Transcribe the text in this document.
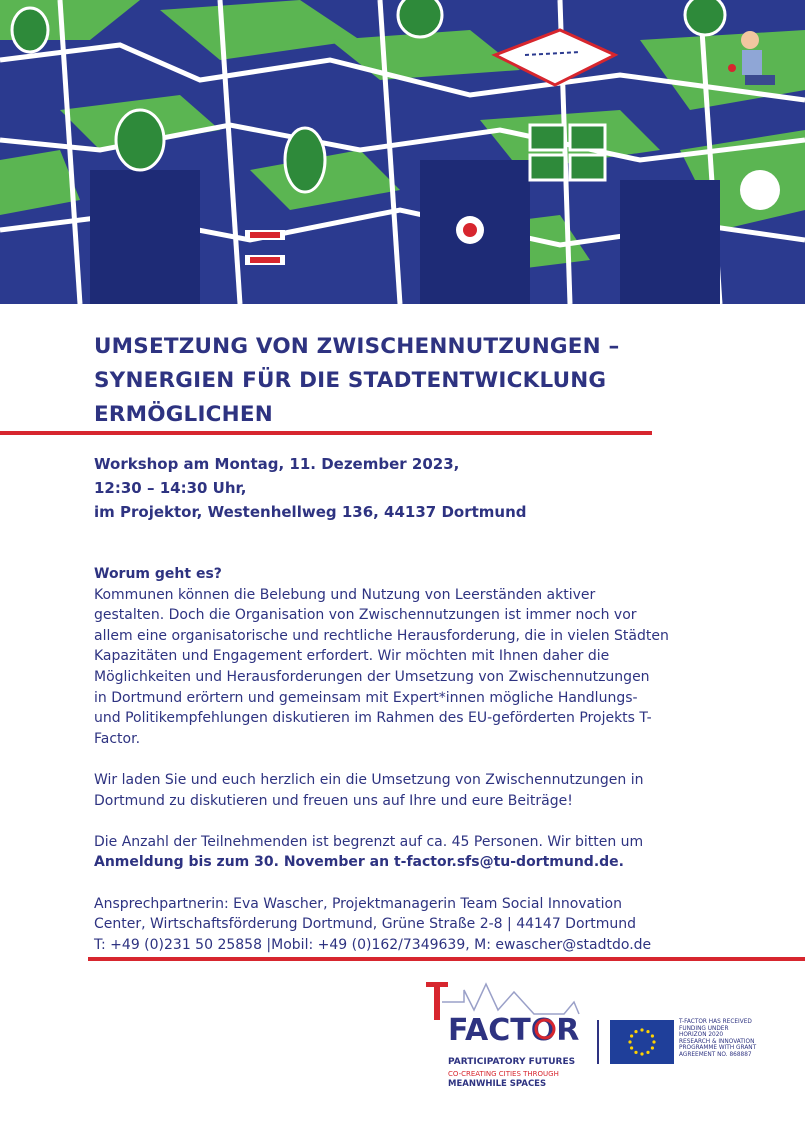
UMSETZUNG VON ZWISCHENNUTZUNGEN –
SYNERGIEN FÜR DIE STADTENTWICKLUNG
ERMÖGLICHEN
Workshop am Montag, 11. Dezember 2023,
12:30 – 14:30 Uhr,
im Projektor, Westenhellweg 136, 44137 Dortmund
Worum geht es?
Kommunen können die Belebung und Nutzung von Leerständen aktiver
gestalten. Doch die Organisation von Zwischennutzungen ist immer noch vor
allem eine organisatorische und rechtliche Herausforderung, die in vielen Städten
Kapazitäten und Engagement erfordert. Wir möchten mit Ihnen daher die
Möglichkeiten und Herausforderungen der Umsetzung von Zwischennutzungen
in Dortmund erörtern und gemeinsam mit Expert*innen mögliche Handlungs-
und Politikempfehlungen diskutieren im Rahmen des EU-geförderten Projekts T-
Factor.
Wir laden Sie und euch herzlich ein die Umsetzung von Zwischennutzungen in
Dortmund zu diskutieren und freuen uns auf Ihre und eure Beiträge!
Die Anzahl der Teilnehmenden ist begrenzt auf ca. 45 Personen. Wir bitten um
Anmeldung bis zum 30. November an t-factor.sfs@tu-dortmund.de.
Ansprechpartnerin: Eva Wascher, Projektmanagerin Team Social Innovation
Center, Wirtschaftsförderung Dortmund, Grüne Straße 2-8 | 44147 Dortmund
T: +49 (0)231 50 25858 |Mobil: +49 (0)162/7349639, M: ewascher@stadtdo.de
FACTOR
PARTICIPATORY FUTURES
CO-CREATING CITIES THROUGH
MEANWHILE SPACES
T-FACTOR HAS RECEIVED
FUNDING UNDER
HORIZON 2020
RESEARCH & INNOVATION
PROGRAMME WITH GRANT
AGREEMENT NO. 868887
